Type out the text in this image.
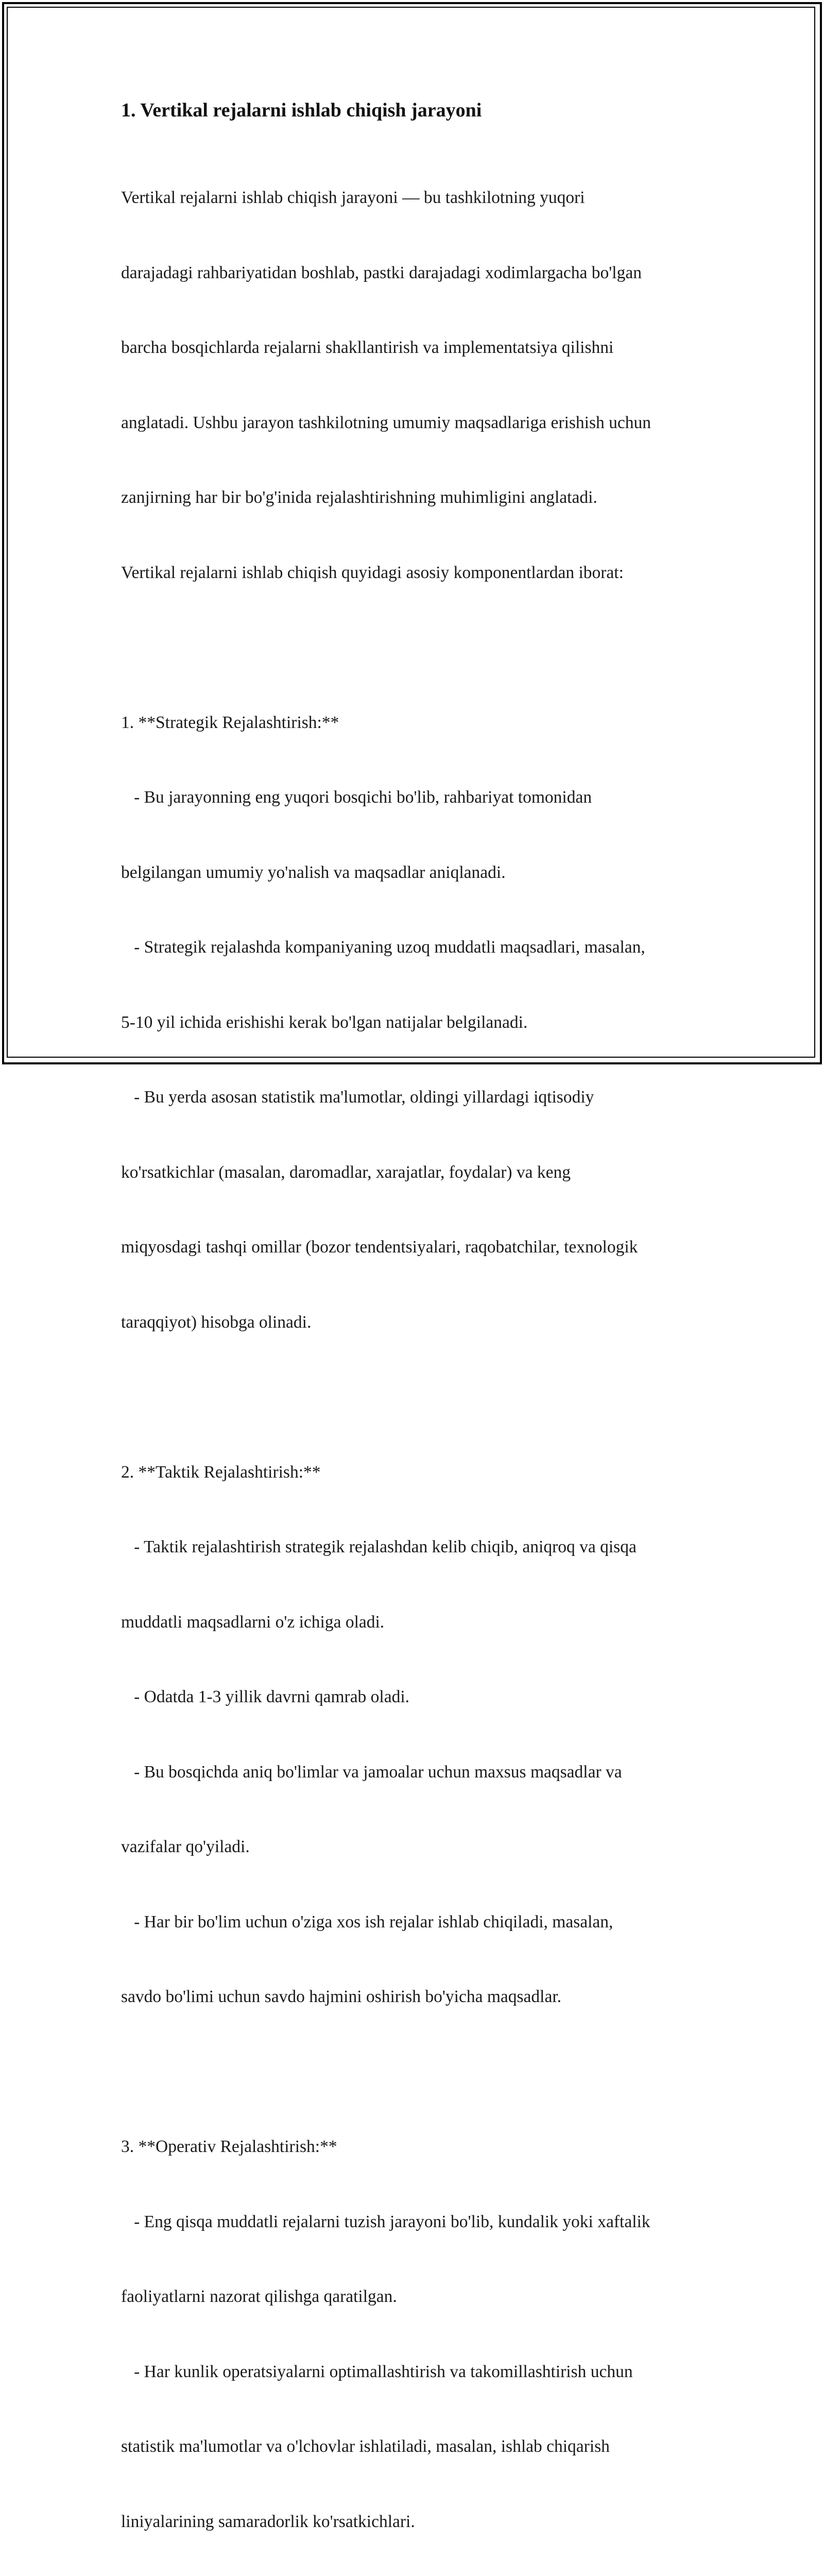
1. Vertikal rejalarni ishlab chiqish jarayoni

Vertikal rejalarni ishlab chiqish jarayoni — bu tashkilotning yuqori

darajadagi rahbariyatidan boshlab, pastki darajadagi xodimlargacha bo'lgan

barcha bosqichlarda rejalarni shakllantirish va implementatsiya qilishni

anglatadi. Ushbu jarayon tashkilotning umumiy maqsadlariga erishish uchun

zanjirning har bir bo'g'inida rejalashtirishning muhimligini anglatadi.

Vertikal rejalarni ishlab chiqish quyidagi asosiy komponentlardan iborat:

1. **Strategik Rejalashtirish:**

- Bu jarayonning eng yuqori bosqichi bo'lib, rahbariyat tomonidan

belgilangan umumiy yo'nalish va maqsadlar aniqlanadi.

- Strategik rejalashda kompaniyaning uzoq muddatli maqsadlari, masalan,

5-10 yil ichida erishishi kerak bo'lgan natijalar belgilanadi.

- Bu yerda asosan statistik ma'lumotlar, oldingi yillardagi iqtisodiy

ko'rsatkichlar (masalan, daromadlar, xarajatlar, foydalar) va keng

miqyosdagi tashqi omillar (bozor tendentsiyalari, raqobatchilar, texnologik

taraqqiyot) hisobga olinadi.

2. **Taktik Rejalashtirish:**

- Taktik rejalashtirish strategik rejalashdan kelib chiqib, aniqroq va qisqa

muddatli maqsadlarni o'z ichiga oladi.

- Odatda 1-3 yillik davrni qamrab oladi.

- Bu bosqichda aniq bo'limlar va jamoalar uchun maxsus maqsadlar va

vazifalar qo'yiladi.

- Har bir bo'lim uchun o'ziga xos ish rejalar ishlab chiqiladi, masalan,

savdo bo'limi uchun savdo hajmini oshirish bo'yicha maqsadlar.

3. **Operativ Rejalashtirish:**

- Eng qisqa muddatli rejalarni tuzish jarayoni bo'lib, kundalik yoki xaftalik

faoliyatlarni nazorat qilishga qaratilgan.

- Har kunlik operatsiyalarni optimallashtirish va takomillashtirish uchun

statistik ma'lumotlar va o'lchovlar ishlatiladi, masalan, ishlab chiqarish

liniyalarining samaradorlik ko'rsatkichlari.
